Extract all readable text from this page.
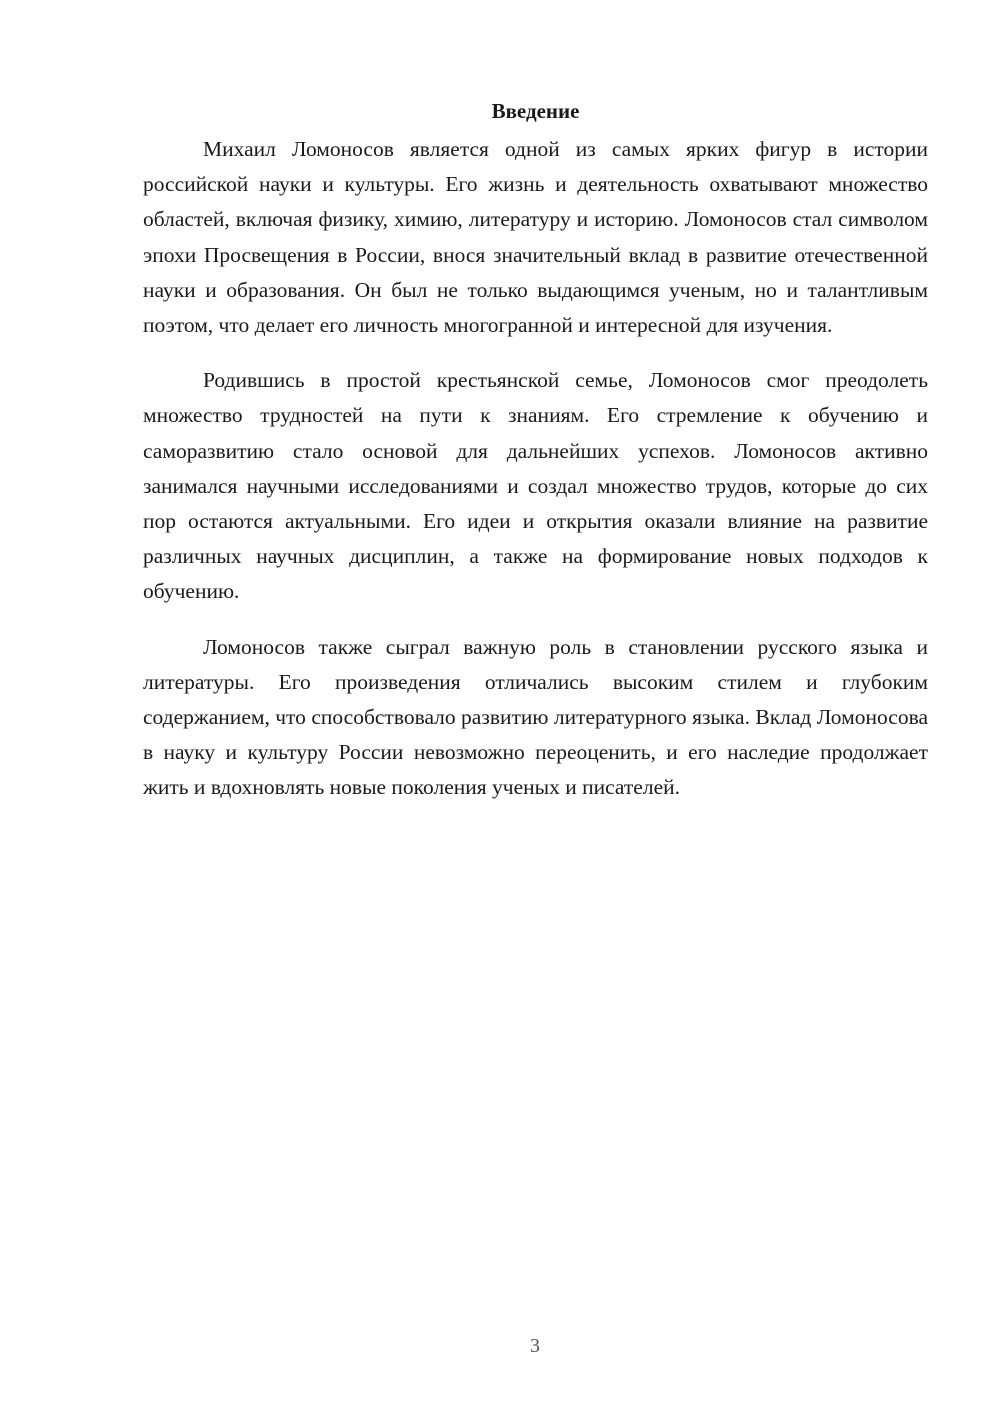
Введение

Михаил Ломоносов является одной из самых ярких фигур в истории российской науки и культуры. Его жизнь и деятельность охватывают множество областей, включая физику, химию, литературу и историю. Ломоносов стал символом эпохи Просвещения в России, внося значительный вклад в развитие отечественной науки и образования. Он был не только выдающимся ученым, но и талантливым поэтом, что делает его личность многогранной и интересной для изучения.

Родившись в простой крестьянской семье, Ломоносов смог преодолеть множество трудностей на пути к знаниям. Его стремление к обучению и саморазвитию стало основой для дальнейших успехов. Ломоносов активно занимался научными исследованиями и создал множество трудов, которые до сих пор остаются актуальными. Его идеи и открытия оказали влияние на развитие различных научных дисциплин, а также на формирование новых подходов к обучению.

Ломоносов также сыграл важную роль в становлении русского языка и литературы. Его произведения отличались высоким стилем и глубоким содержанием, что способствовало развитию литературного языка. Вклад Ломоносова в науку и культуру России невозможно переоценить, и его наследие продолжает жить и вдохновлять новые поколения ученых и писателей.

3
